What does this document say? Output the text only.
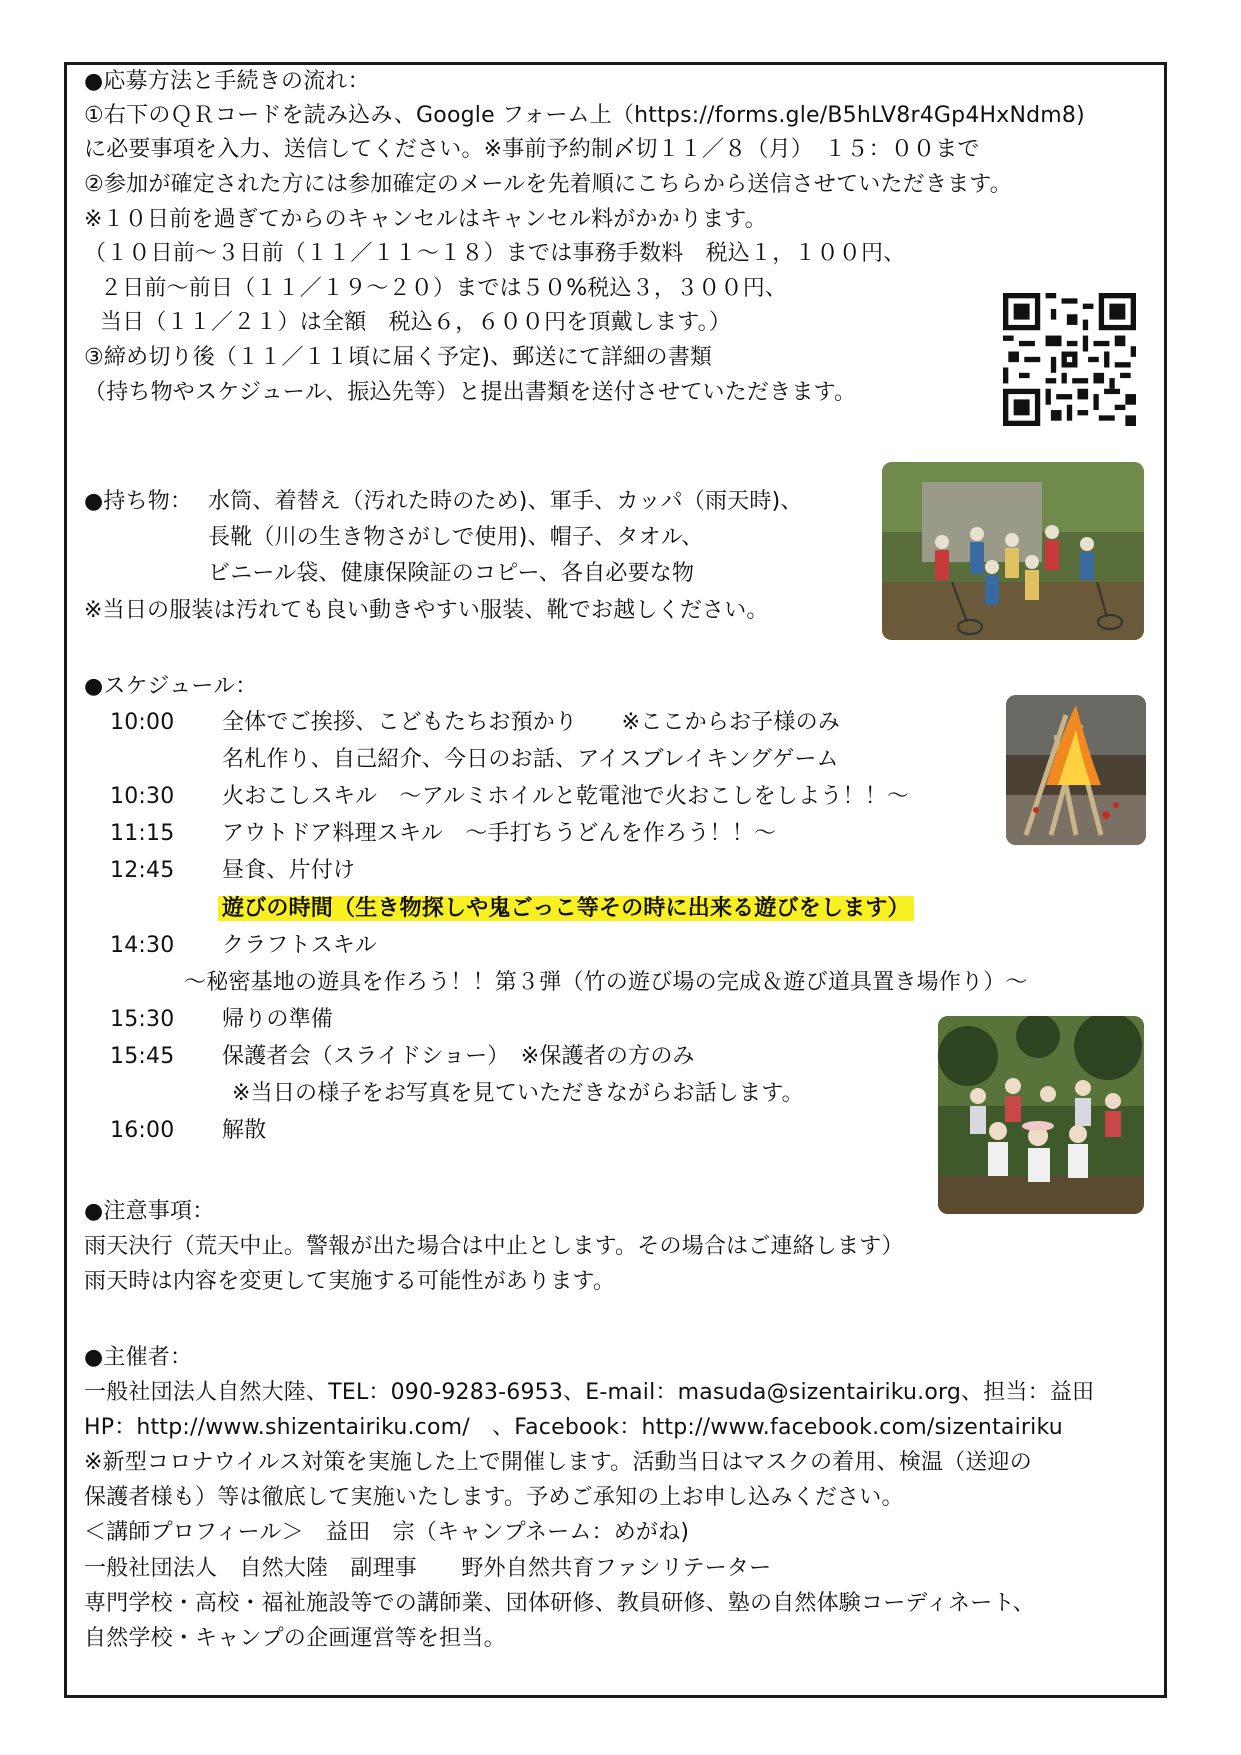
●応募方法と手続きの流れ：
①右下のＱＲコードを読み込み、Google フォーム上（https://forms.gle/B5hLV8r4Gp4HxNdm8)
に必要事項を入力、送信してください。※事前予約制〆切１１／８（月）　１５：００まで
②参加が確定された方には参加確定のメールを先着順にこちらから送信させていただきます。
※１０日前を過ぎてからのキャンセルはキャンセル料がかかります。
（１０日前～３日前（１１／１１～１８）までは事務手数料　税込１，１００円、
２日前～前日（１１／１９～２０）までは５０%税込３，３００円、
当日（１１／２１）は全額　税込６，６００円を頂戴します。）
③締め切り後（１１／１１頃に届く予定)、郵送にて詳細の書類
（持ち物やスケジュール、振込先等）と提出書類を送付させていただきます。
●持ち物： 水筒、着替え（汚れた時のため)、軍手、カッパ（雨天時)、
長靴（川の生き物さがしで使用)、帽子、タオル、
ビニール袋、健康保険証のコピー、各自必要な物
※当日の服装は汚れても良い動きやすい服装、靴でお越しください。
●スケジュール：
10:00 全体でご挨拶、こどもたちお預かり　　※ここからお子様のみ
名札作り、自己紹介、今日のお話、アイスブレイキングゲーム
10:30 火おこしスキル　～アルミホイルと乾電池で火おこしをしよう！！～
11:15 アウトドア料理スキル　～手打ちうどんを作ろう！！～
12:45 昼食、片付け
遊びの時間（生き物探しや鬼ごっこ等その時に出来る遊びをします）
14:30 クラフトスキル
～秘密基地の遊具を作ろう！！第３弾（竹の遊び場の完成＆遊び道具置き場作り）～
15:30 帰りの準備
15:45 保護者会（スライドショー）　※保護者の方のみ
※当日の様子をお写真を見ていただきながらお話します。
16:00 解散
●注意事項：
雨天決行（荒天中止。警報が出た場合は中止とします。その場合はご連絡します）
雨天時は内容を変更して実施する可能性があります。
●主催者：
一般社団法人自然大陸、TEL：090-9283-6953、E-mail：masuda@sizentairiku.org、担当：益田
HP：http://www.shizentairiku.com/　、Facebook：http://www.facebook.com/sizentairiku
※新型コロナウイルス対策を実施した上で開催します。活動当日はマスクの着用、検温（送迎の
保護者様も）等は徹底して実施いたします。予めご承知の上お申し込みください。
＜講師プロフィール＞　益田　宗（キャンプネーム：めがね)
一般社団法人　自然大陸　副理事　　野外自然共育ファシリテーター
専門学校・高校・福祉施設等での講師業、団体研修、教員研修、塾の自然体験コーディネート、
自然学校・キャンプの企画運営等を担当。
